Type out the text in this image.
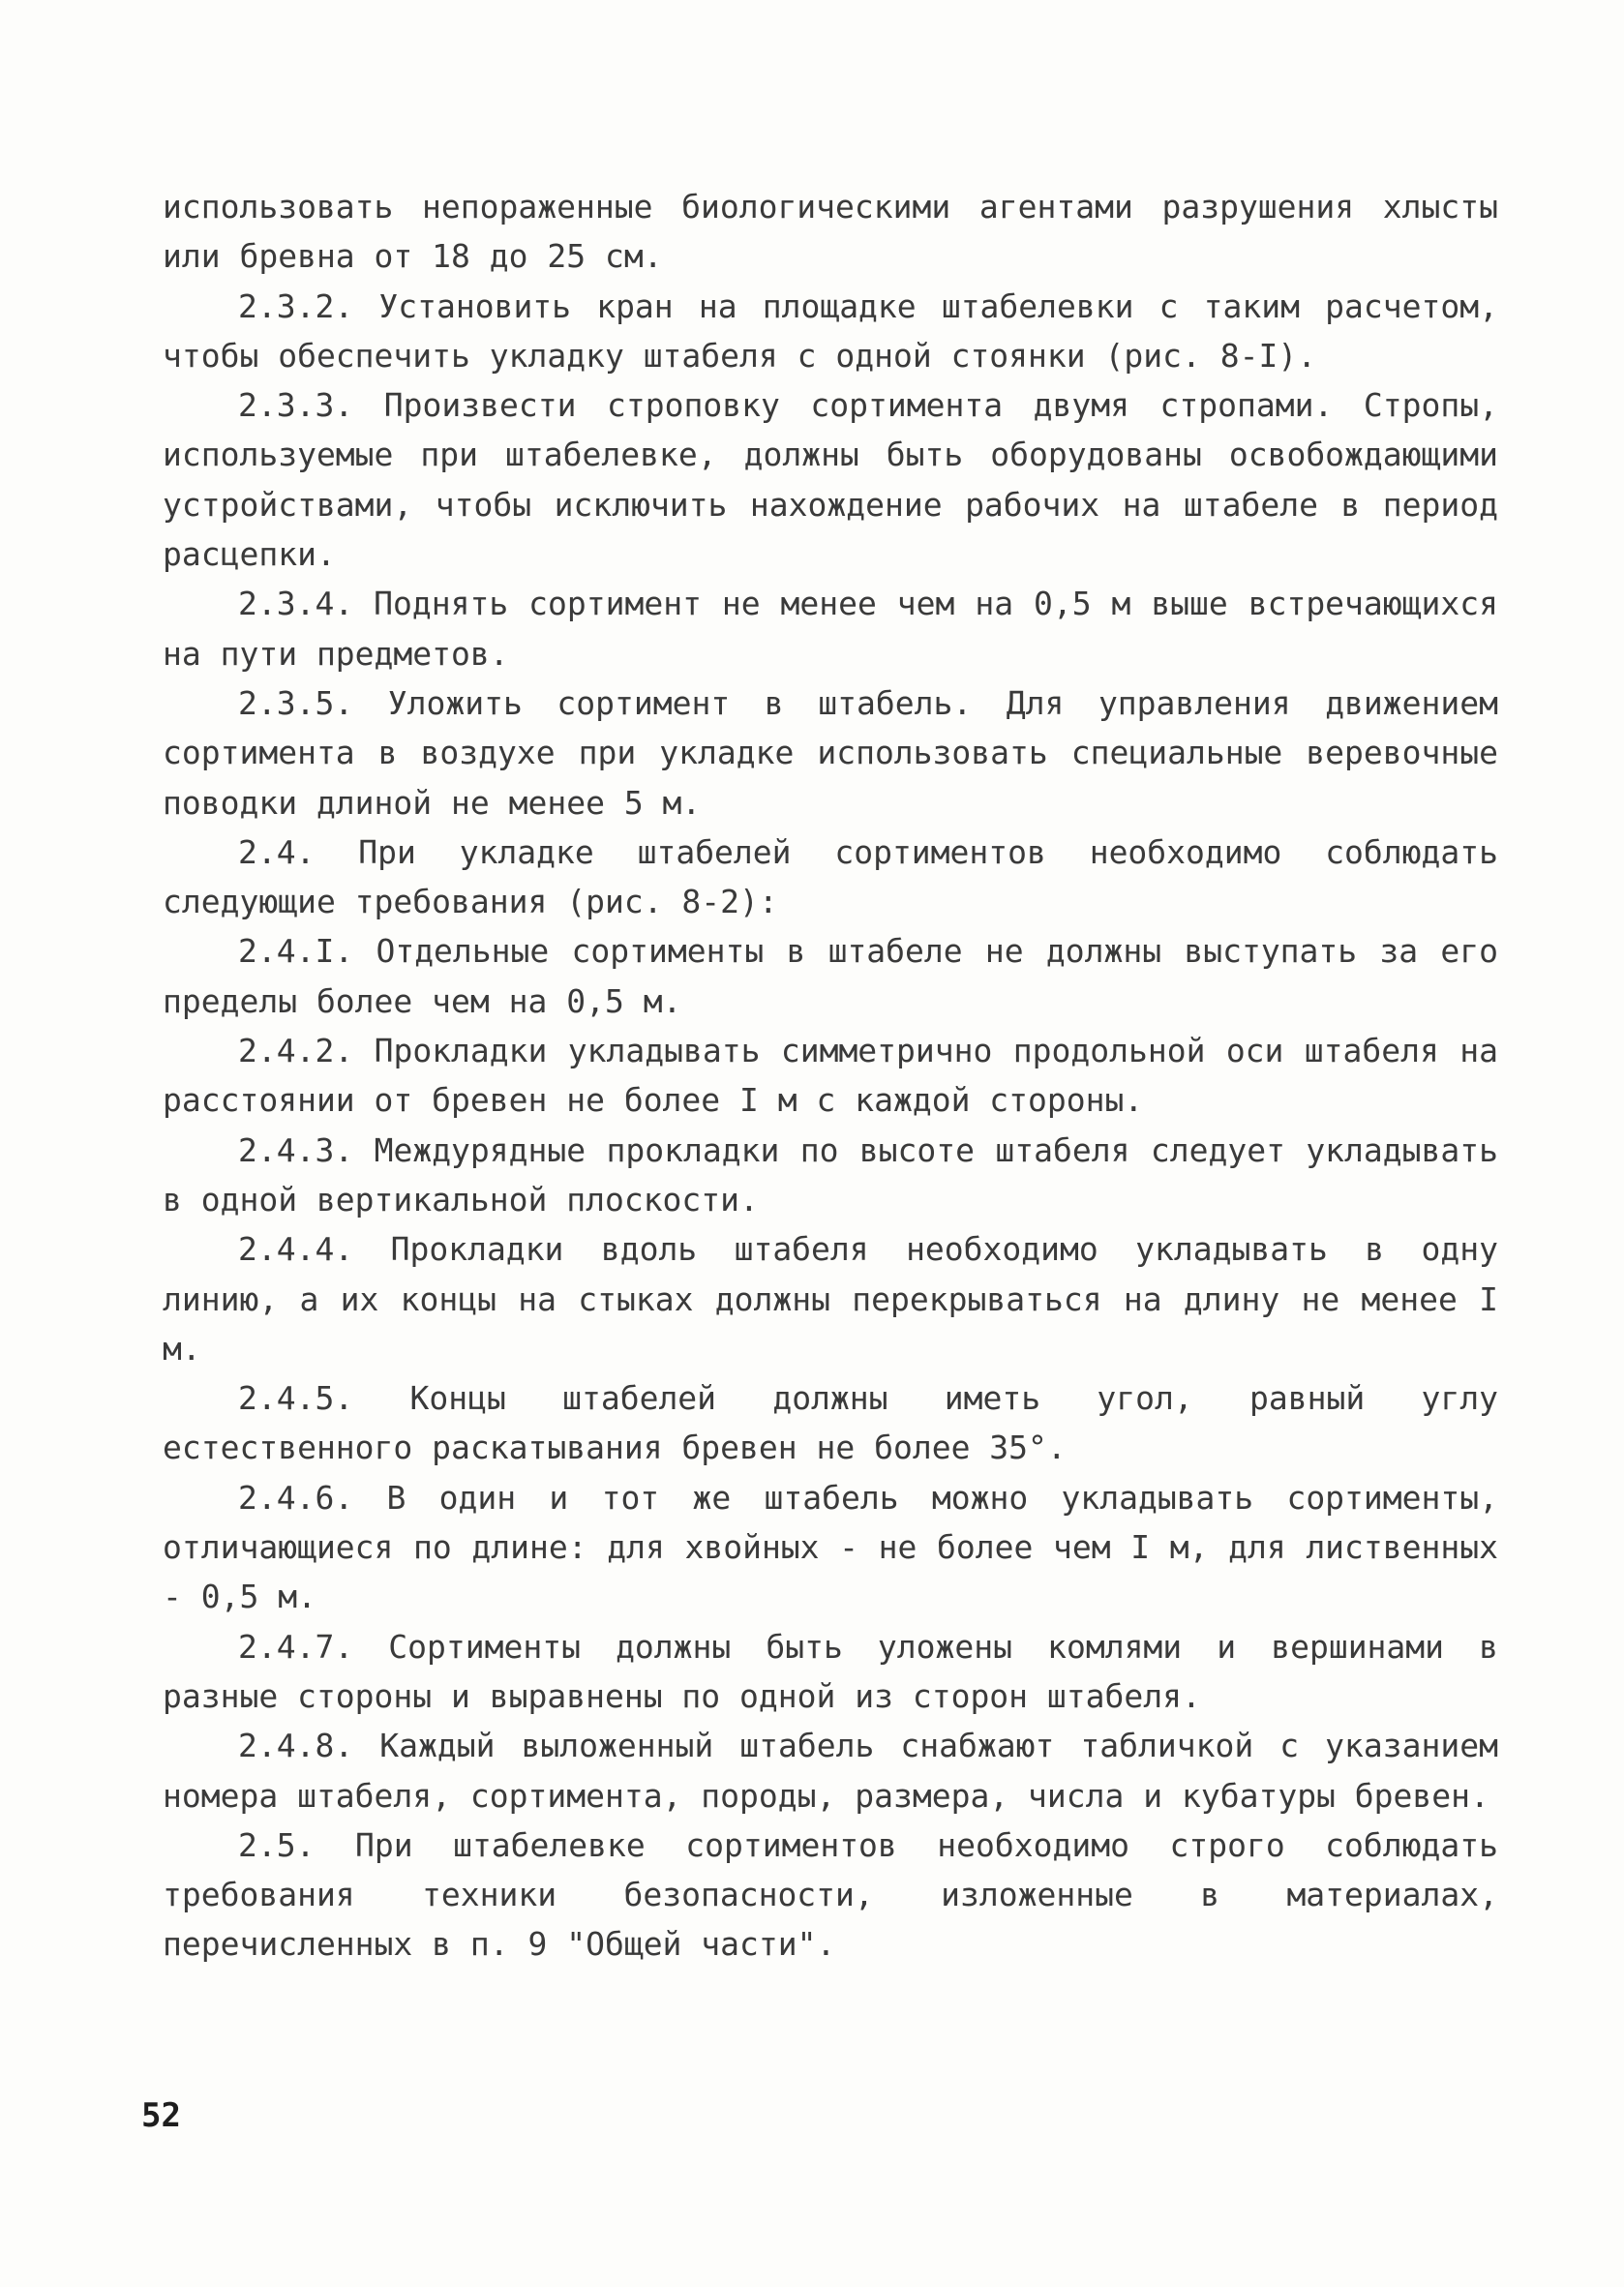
использовать непораженные биологическими агентами разрушения хлысты или бревна от 18 до 25 см.

2.3.2. Установить кран на площадке штабелевки с таким расчетом, чтобы обеспечить укладку штабеля с одной стоянки (рис. 8-I).

2.3.3. Произвести строповку сортимента двумя стропами. Стропы, используемые при штабелевке, должны быть оборудованы освобождающими устройствами, чтобы исключить нахождение рабочих на штабеле в период расцепки.

2.3.4. Поднять сортимент не менее чем на 0,5 м выше встречающихся на пути предметов.

2.3.5. Уложить сортимент в штабель. Для управления движением сортимента в воздухе при укладке использовать специальные веревочные поводки длиной не менее 5 м.

2.4. При укладке штабелей сортиментов необходимо соблюдать следующие требования (рис. 8-2):

2.4.I. Отдельные сортименты в штабеле не должны выступать за его пределы более чем на 0,5 м.

2.4.2. Прокладки укладывать симметрично продольной оси штабеля на расстоянии от бревен не более I м с каждой стороны.

2.4.3. Междурядные прокладки по высоте штабеля следует укладывать в одной вертикальной плоскости.

2.4.4. Прокладки вдоль штабеля необходимо укладывать в одну линию, а их концы на стыках должны перекрываться на длину не менее I м.

2.4.5. Концы штабелей должны иметь угол, равный углу естественного раскатывания бревен не более 35°.

2.4.6. В один и тот же штабель можно укладывать сортименты, отличающиеся по длине: для хвойных - не более чем I м, для лиственных - 0,5 м.

2.4.7. Сортименты должны быть уложены комлями и вершинами в разные стороны и выравнены по одной из сторон штабеля.

2.4.8. Каждый выложенный штабель снабжают табличкой с указанием номера штабеля, сортимента, породы, размера, числа и кубатуры бревен.

2.5. При штабелевке сортиментов необходимо строго соблюдать требования техники безопасности, изложенные в материалах, перечисленных в п. 9 "Общей части".

52
